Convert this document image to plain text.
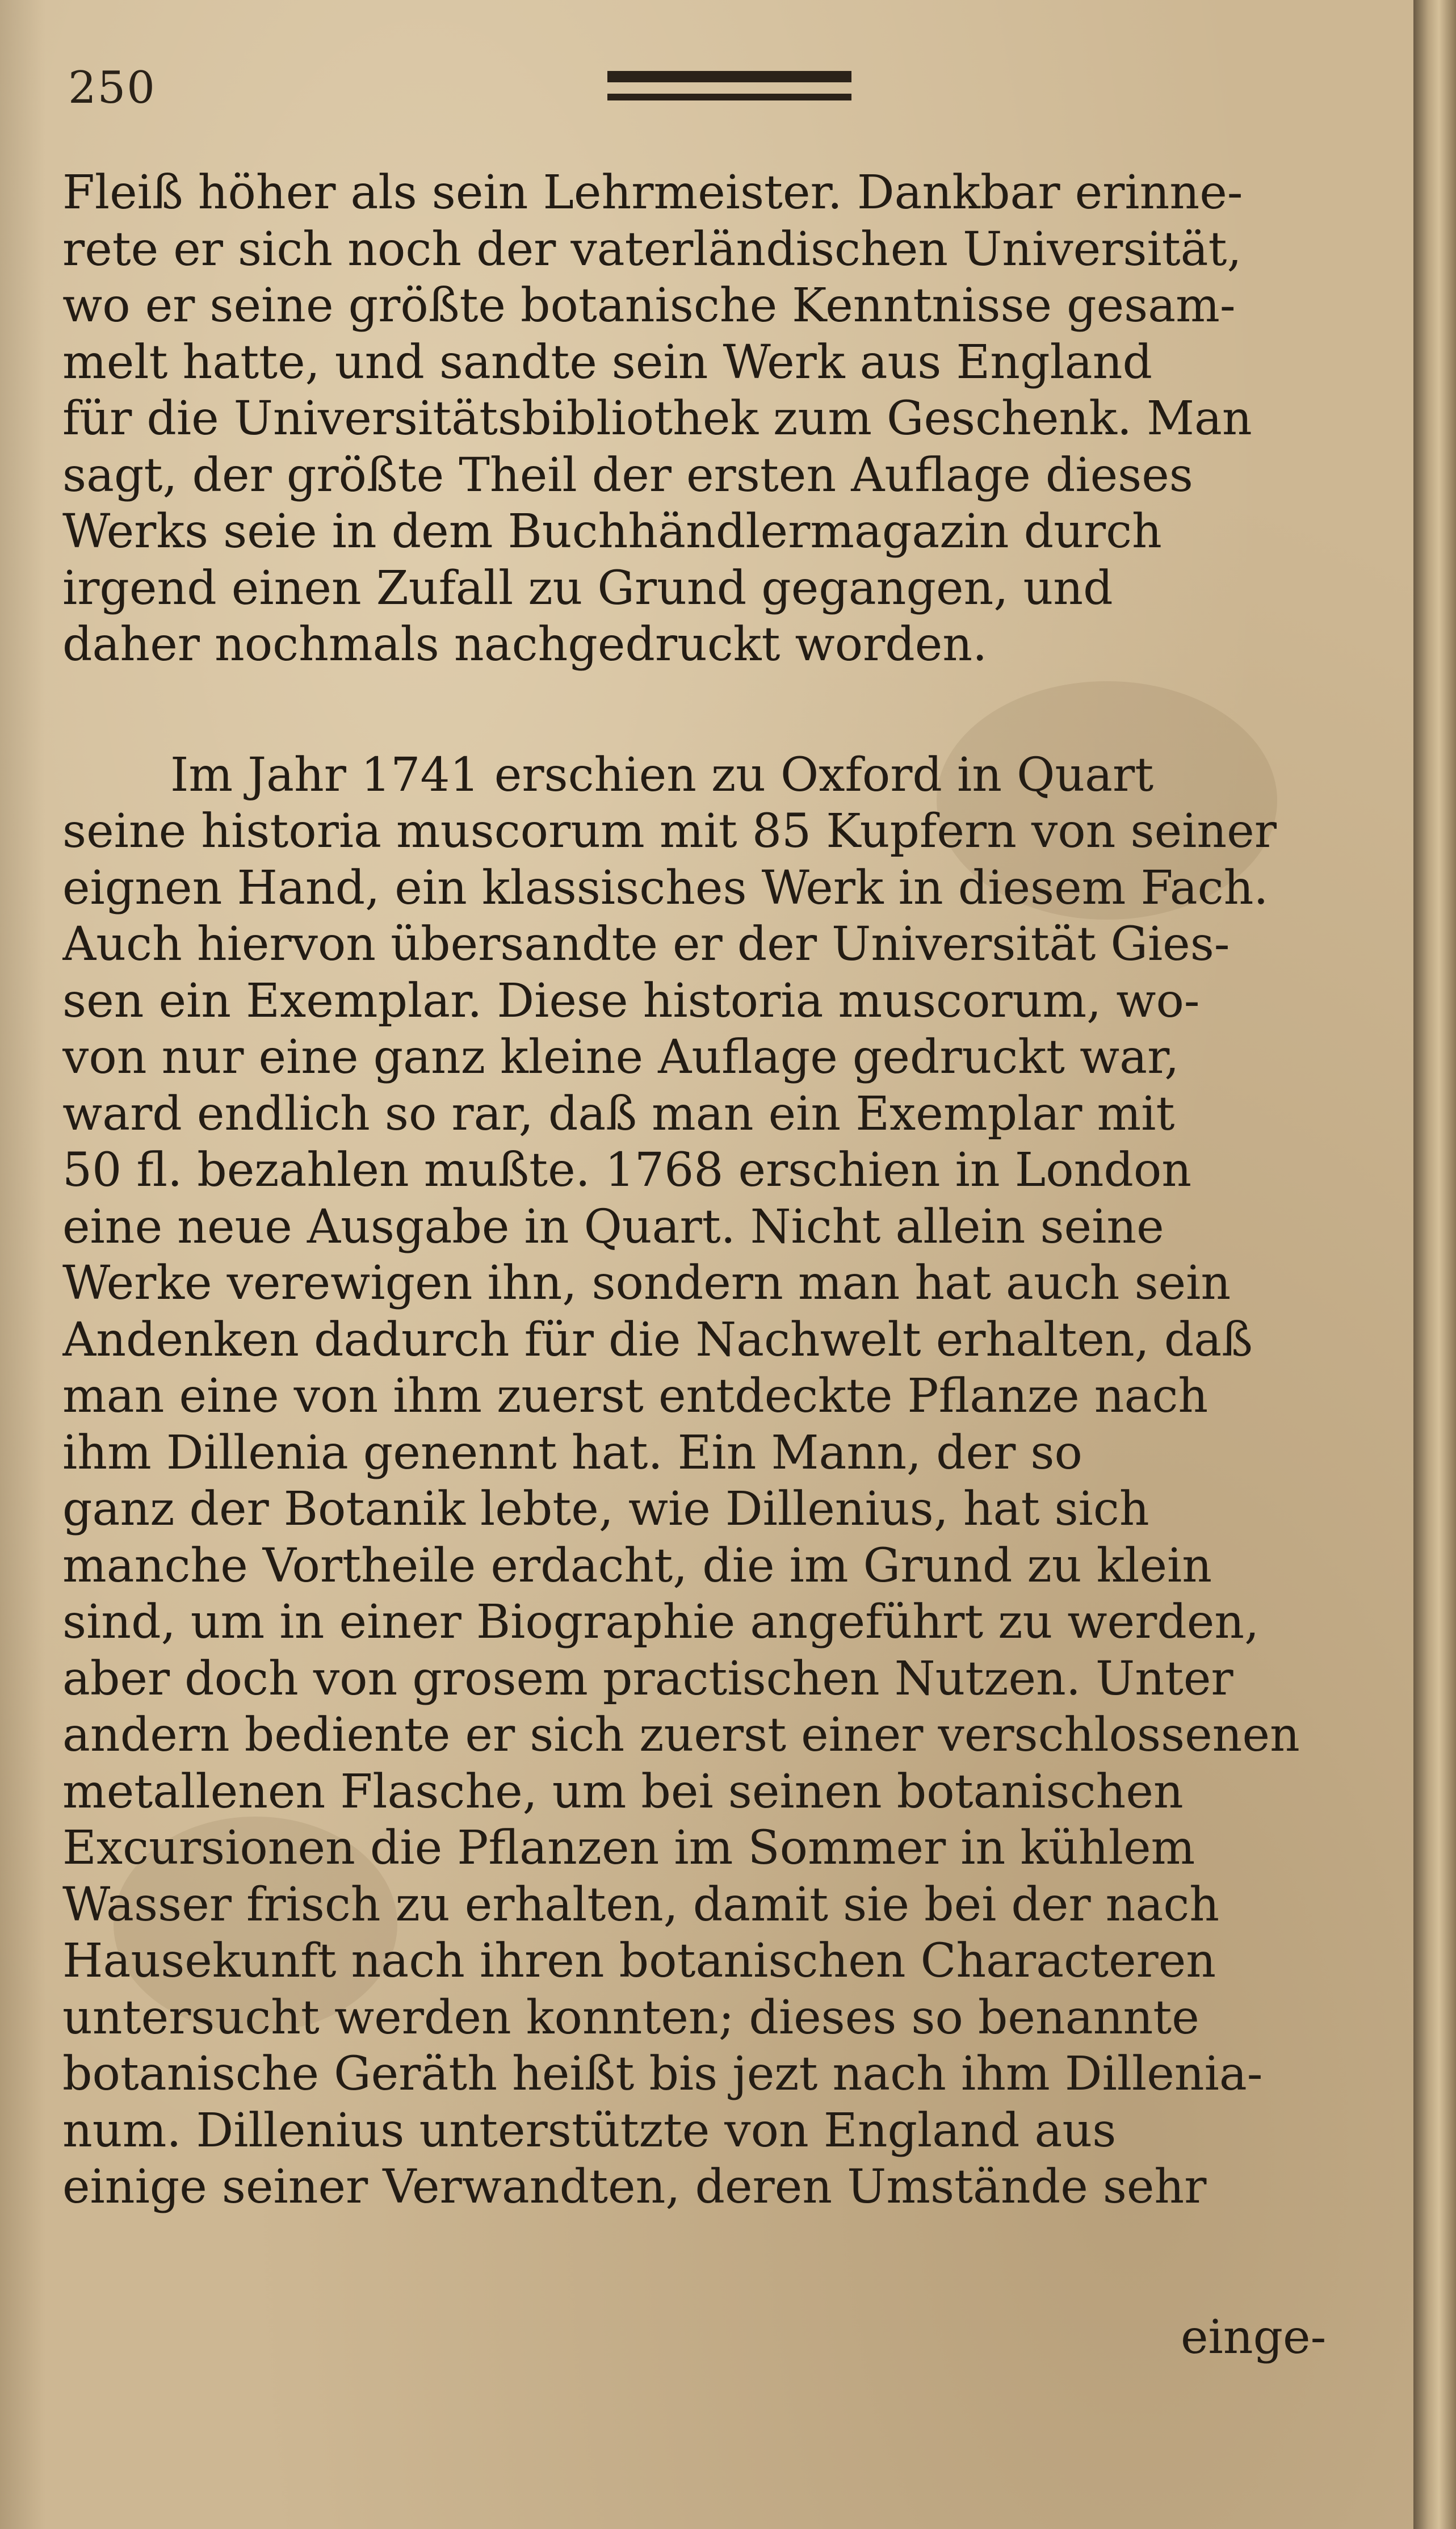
250
Fleiß höher als sein Lehrmeister. Dankbar erinne-
rete er sich noch der vaterländischen Universität,
wo er seine größte botanische Kenntnisse gesam-
melt hatte, und sandte sein Werk aus England
für die Universitätsbibliothek zum Geschenk. Man
sagt, der größte Theil der ersten Auflage dieses
Werks seie in dem Buchhändlermagazin durch
irgend einen Zufall zu Grund gegangen, und
daher nochmals nachgedruckt worden.
Im Jahr 1741 erschien zu Oxford in Quart
seine historia muscorum mit 85 Kupfern von seiner
eignen Hand, ein klassisches Werk in diesem Fach.
Auch hiervon übersandte er der Universität Gies-
sen ein Exemplar. Diese historia muscorum, wo-
von nur eine ganz kleine Auflage gedruckt war,
ward endlich so rar, daß man ein Exemplar mit
50 fl. bezahlen mußte. 1768 erschien in London
eine neue Ausgabe in Quart. Nicht allein seine
Werke verewigen ihn, sondern man hat auch sein
Andenken dadurch für die Nachwelt erhalten, daß
man eine von ihm zuerst entdeckte Pflanze nach
ihm Dillenia genennt hat. Ein Mann, der so
ganz der Botanik lebte, wie Dillenius, hat sich
manche Vortheile erdacht, die im Grund zu klein
sind, um in einer Biographie angeführt zu werden,
aber doch von grosem practischen Nutzen. Unter
andern bediente er sich zuerst einer verschlossenen
metallenen Flasche, um bei seinen botanischen
Excursionen die Pflanzen im Sommer in kühlem
Wasser frisch zu erhalten, damit sie bei der nach
Hausekunft nach ihren botanischen Characteren
untersucht werden konnten; dieses so benannte
botanische Geräth heißt bis jezt nach ihm Dillenia-
num. Dillenius unterstützte von England aus
einige seiner Verwandten, deren Umstände sehr
einge-
